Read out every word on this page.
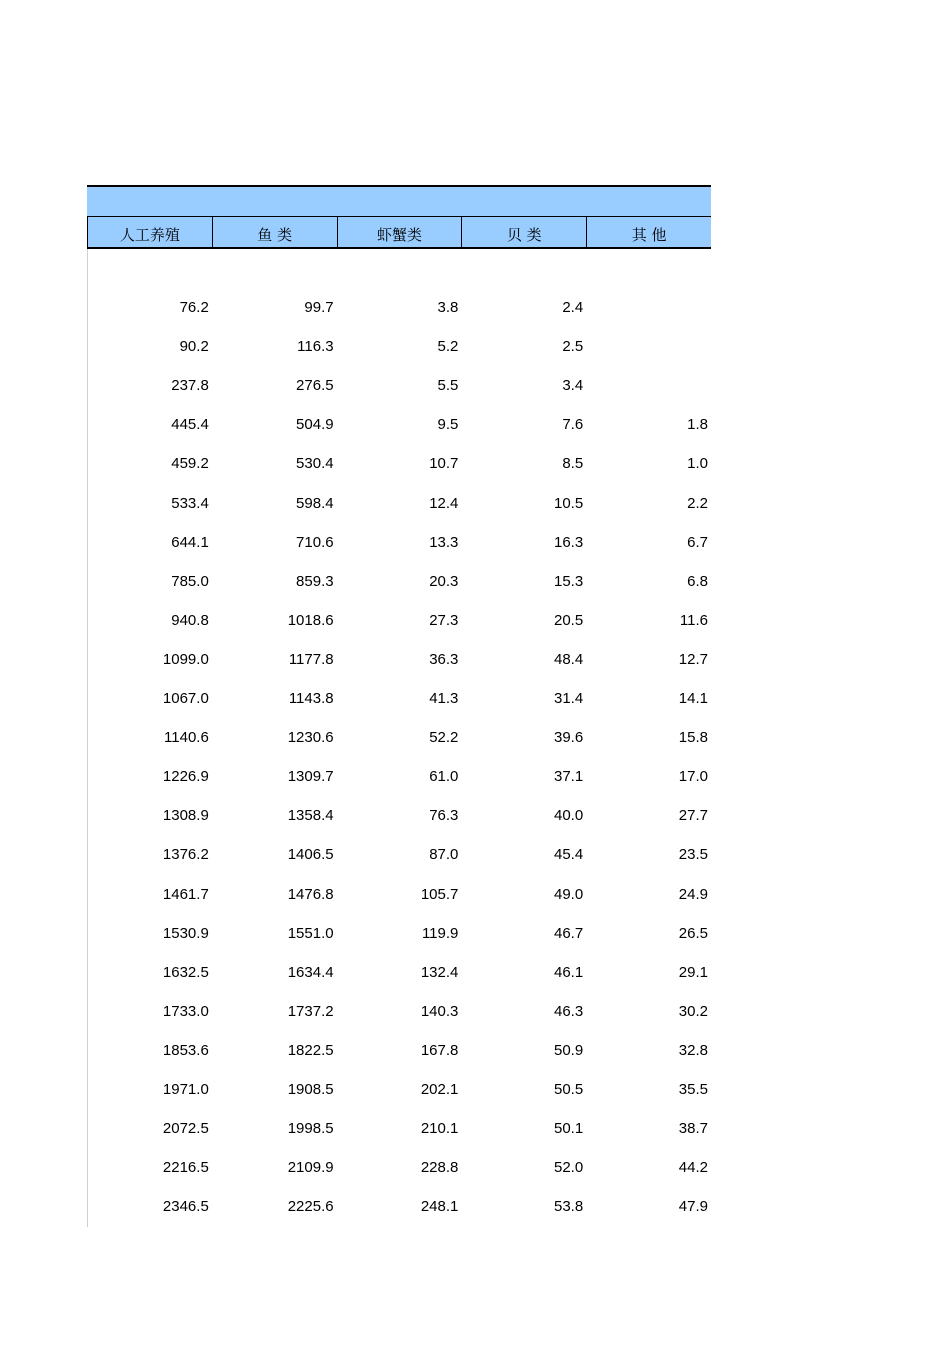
人工养殖	鱼 类	虾蟹类	贝 类	其 他
76.2	99.7	3.8	2.4
90.2	116.3	5.2	2.5
237.8	276.5	5.5	3.4
445.4	504.9	9.5	7.6	1.8
459.2	530.4	10.7	8.5	1.0
533.4	598.4	12.4	10.5	2.2
644.1	710.6	13.3	16.3	6.7
785.0	859.3	20.3	15.3	6.8
940.8	1018.6	27.3	20.5	11.6
1099.0	1177.8	36.3	48.4	12.7
1067.0	1143.8	41.3	31.4	14.1
1140.6	1230.6	52.2	39.6	15.8
1226.9	1309.7	61.0	37.1	17.0
1308.9	1358.4	76.3	40.0	27.7
1376.2	1406.5	87.0	45.4	23.5
1461.7	1476.8	105.7	49.0	24.9
1530.9	1551.0	119.9	46.7	26.5
1632.5	1634.4	132.4	46.1	29.1
1733.0	1737.2	140.3	46.3	30.2
1853.6	1822.5	167.8	50.9	32.8
1971.0	1908.5	202.1	50.5	35.5
2072.5	1998.5	210.1	50.1	38.7
2216.5	2109.9	228.8	52.0	44.2
2346.5	2225.6	248.1	53.8	47.9
